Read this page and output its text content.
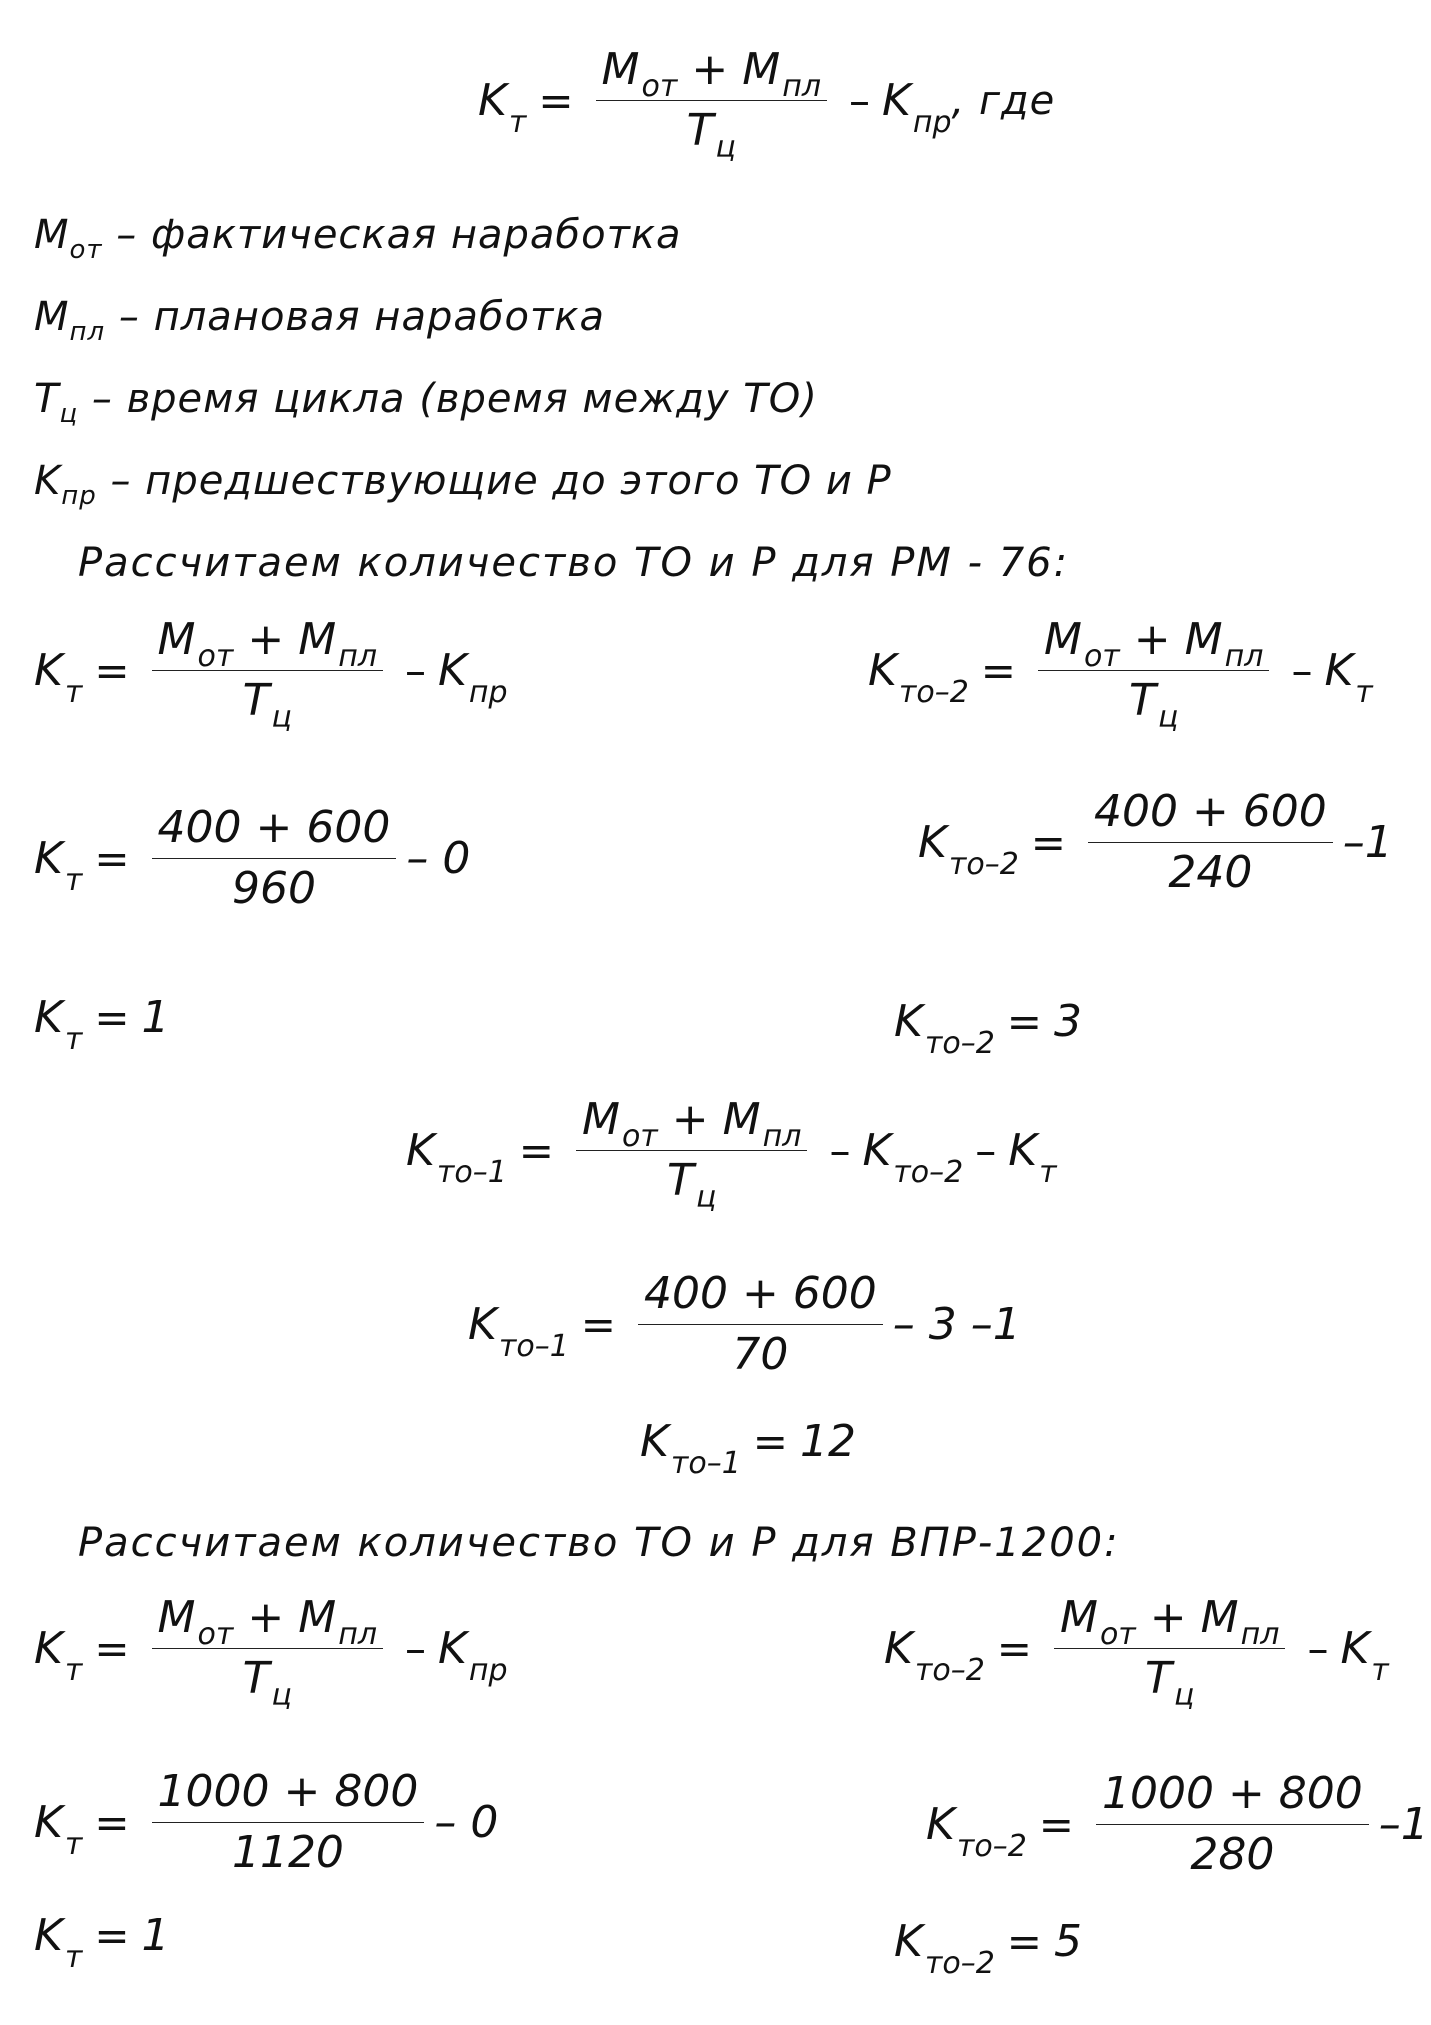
K $т = \frac{M_{от} + M_{пл}}{T_ц} - K$ пр , где
$M_{от}$ – фактическая наработка
$M_{пл}$ – плановая наработка
$T_ц$ – время цикла (время между ТО)
$K_{пр}$ – предшествующие до этого ТО и Р
Рассчитаем количество ТО и Р для РМ - 76:
K $т = \frac{M_{от} + M_{пл}}{T_ц} - K$ пр	K $то-2 = \frac{M_{от} + M_{пл}}{T_ц} - K$ т
K $т = \frac{400 + 600}{960} - 0$	K $то-2 = \frac{400 + 600}{240} -1$
K т = 1	K то–2 = 3
K $то-1 = \frac{M_{от} + M_{пл}}{T_ц} - K$ то–2 – K т
K $то-1 = \frac{400 + 600}{70} - 3$ –1
K то–1 = 12
Рассчитаем количество ТО и Р для ВПР-1200:
K $т = \frac{M_{от} + M_{пл}}{T_ц} - K$ пр	K $то-2 = \frac{M_{от} + M_{пл}}{T_ц} - K$ т
K $т = \frac{1000 + 800}{1120} - 0$	K $то-2 = \frac{1000 + 800}{280} -1$
K т = 1	K то–2 = 5
